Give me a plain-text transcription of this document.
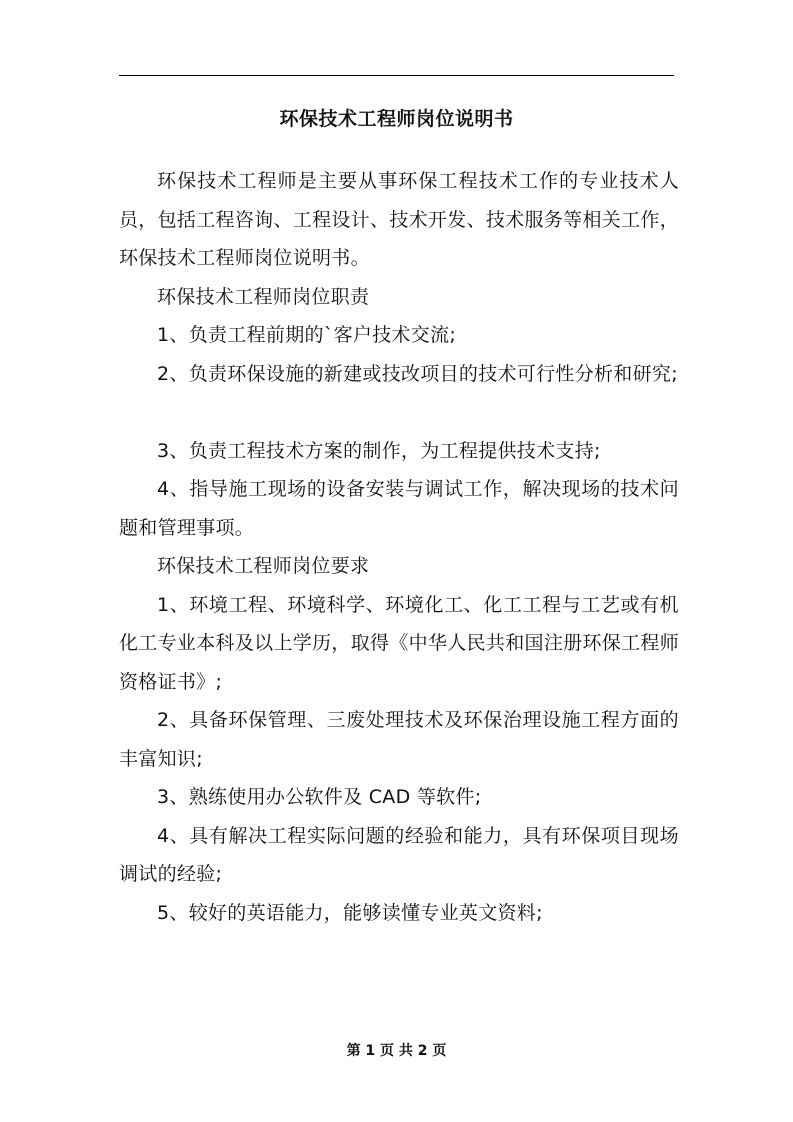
环保技术工程师岗位说明书

环保技术工程师是主要从事环保工程技术工作的专业技术人员，包括工程咨询、工程设计、技术开发、技术服务等相关工作，环保技术工程师岗位说明书。

环保技术工程师岗位职责

1、负责工程前期的`客户技术交流;

2、负责环保设施的新建或技改项目的技术可行性分析和研究;

3、负责工程技术方案的制作，为工程提供技术支持;

4、指导施工现场的设备安装与调试工作，解决现场的技术问题和管理事项。

环保技术工程师岗位要求

1、环境工程、环境科学、环境化工、化工工程与工艺或有机化工专业本科及以上学历，取得《中华人民共和国注册环保工程师资格证书》;

2、具备环保管理、三废处理技术及环保治理设施工程方面的丰富知识;

3、熟练使用办公软件及 CAD 等软件;

4、具有解决工程实际问题的经验和能力，具有环保项目现场调试的经验;

5、较好的英语能力，能够读懂专业英文资料;

第 1 页 共 2 页
